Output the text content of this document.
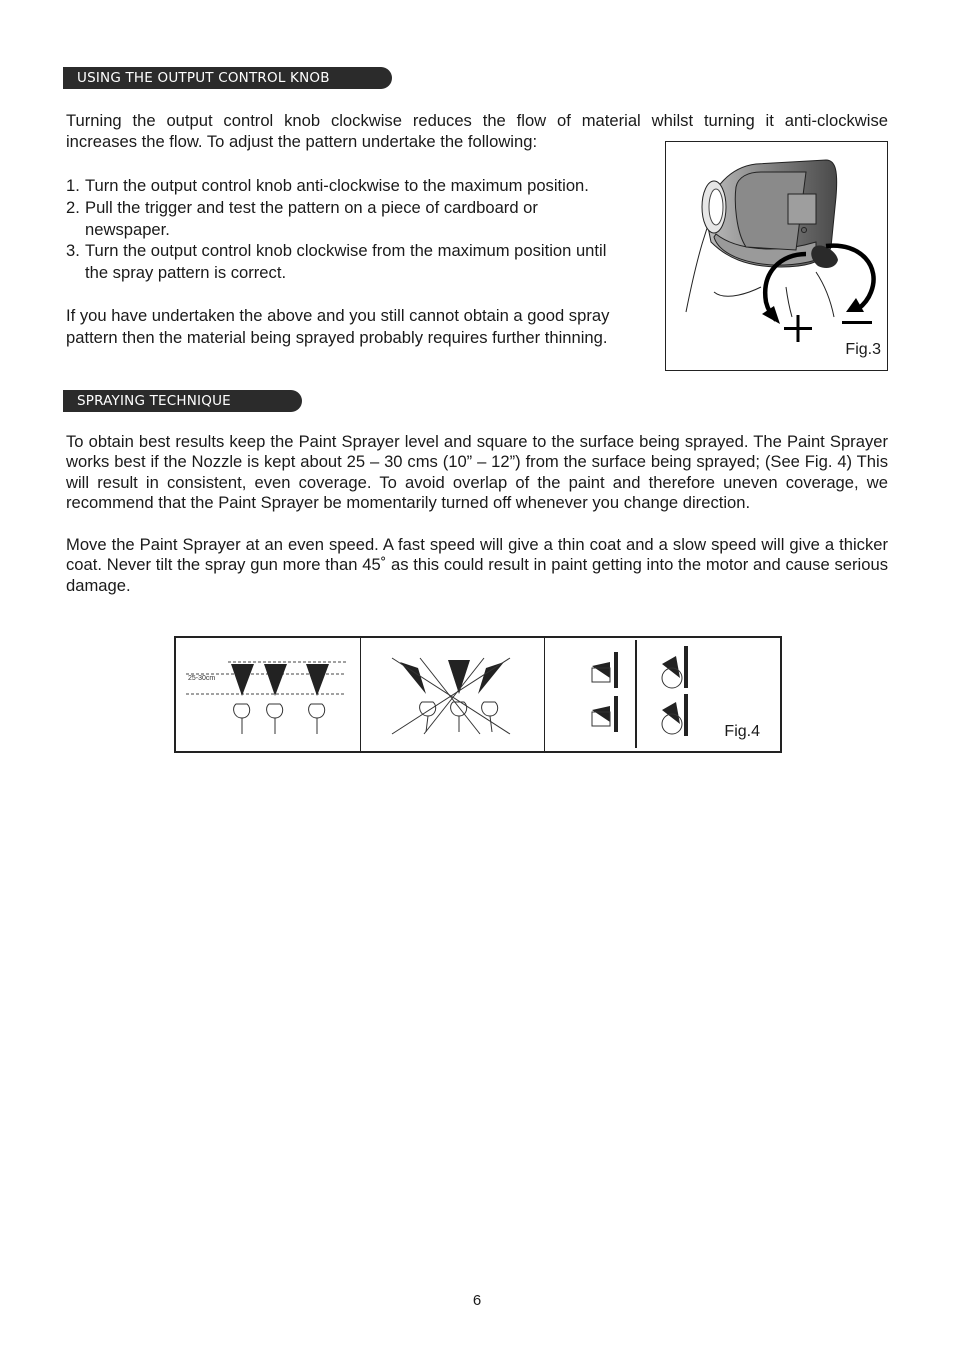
USING THE OUTPUT CONTROL KNOB

Turning the output control knob clockwise reduces the flow of material whilst turning it anti-clockwise

increases the flow. To adjust the pattern undertake the following:

1. Turn the output control knob anti-clockwise to the maximum position.
2. Pull the trigger and test the pattern on a piece of cardboard or
newspaper.
3. Turn the output control knob clockwise from the maximum position until
the spray pattern is correct.

If you have undertaken the above and you still cannot obtain a good spray

pattern then the material being sprayed probably requires further thinning.

Fig.3
SPRAYING TECHNIQUE

To obtain best results keep the Paint Sprayer level and square to the surface being sprayed. The Paint Sprayer works best if the Nozzle is kept about 25 – 30 cms (10” – 12”) from the surface being sprayed; (See Fig. 4) This will result in consistent, even coverage. To avoid overlap of the paint and therefore uneven coverage, we recommend that the Paint Sprayer be momentarily turned off whenever you change direction.

Move the Paint Sprayer at an even speed. A fast speed will give a thin coat and a slow speed will give a thicker coat. Never tilt the spray gun more than 45˚ as this could result in paint getting into the motor and cause serious damage.

25-30cm
Fig.4
6
